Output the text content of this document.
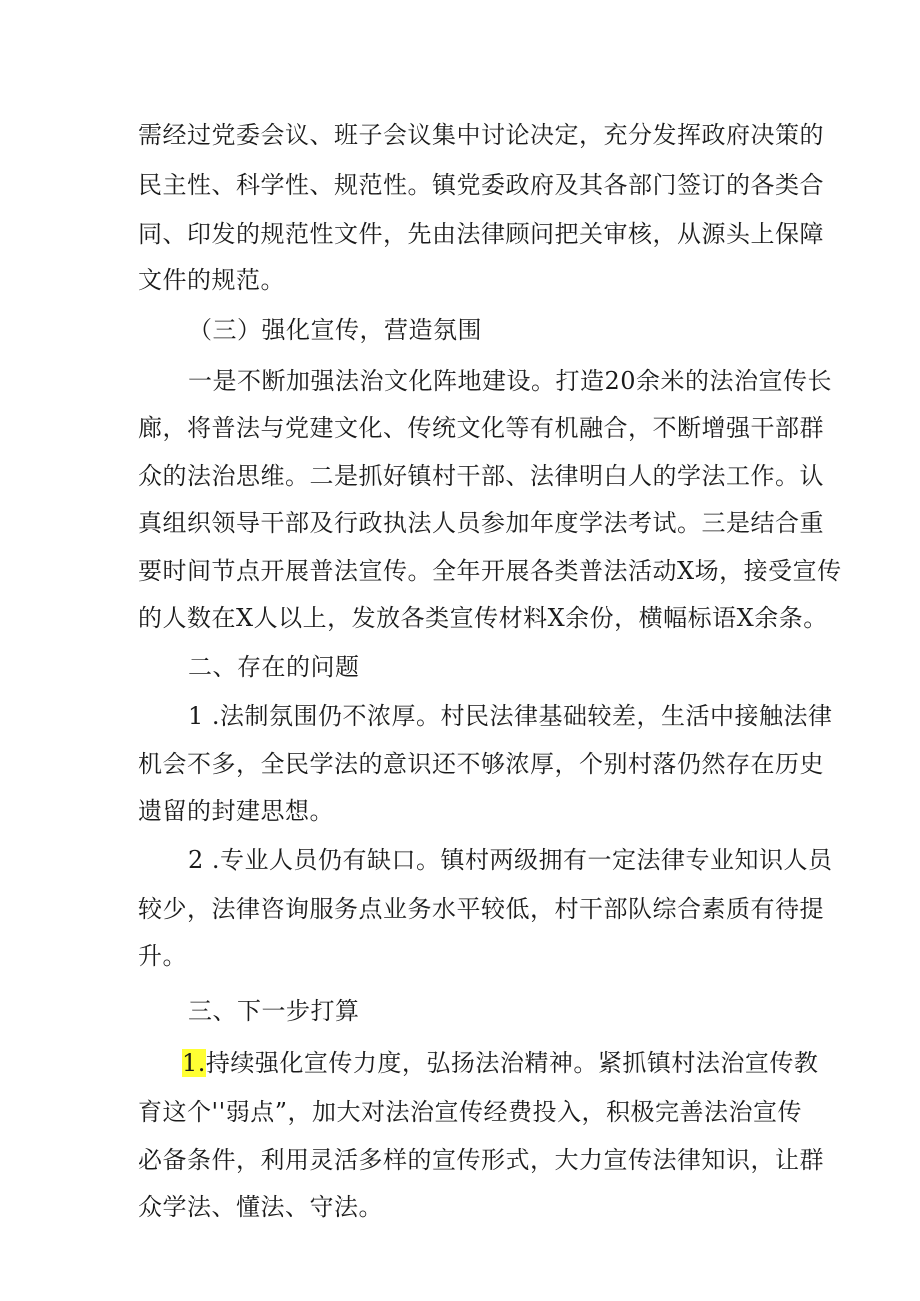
需经过党委会议、班子会议集中讨论决定，充分发挥政府决策的
民主性、科学性、规范性。镇党委政府及其各部门签订的各类合
同、印发的规范性文件，先由法律顾问把关审核，从源头上保障
文件的规范。
（三）强化宣传，营造氛围
一是不断加强法治文化阵地建设。打造20余米的法治宣传长
廊，将普法与党建文化、传统文化等有机融合，不断增强干部群
众的法治思维。二是抓好镇村干部、法律明白人的学法工作。认
真组织领导干部及行政执法人员参加年度学法考试。三是结合重
要时间节点开展普法宣传。全年开展各类普法活动X场，接受宣传
的人数在X人以上，发放各类宣传材料X余份，横幅标语X余条。
二、存在的问题
1 .法制氛围仍不浓厚。村民法律基础较差，生活中接触法律
机会不多，全民学法的意识还不够浓厚，个别村落仍然存在历史
遗留的封建思想。
2 .专业人员仍有缺口。镇村两级拥有一定法律专业知识人员
较少，法律咨询服务点业务水平较低，村干部队综合素质有待提
升。
三、下一步打算
1.持续强化宣传力度，弘扬法治精神。紧抓镇村法治宣传教
育这个''弱点”，加大对法治宣传经费投入，积极完善法治宣传
必备条件，利用灵活多样的宣传形式，大力宣传法律知识，让群
众学法、懂法、守法。
